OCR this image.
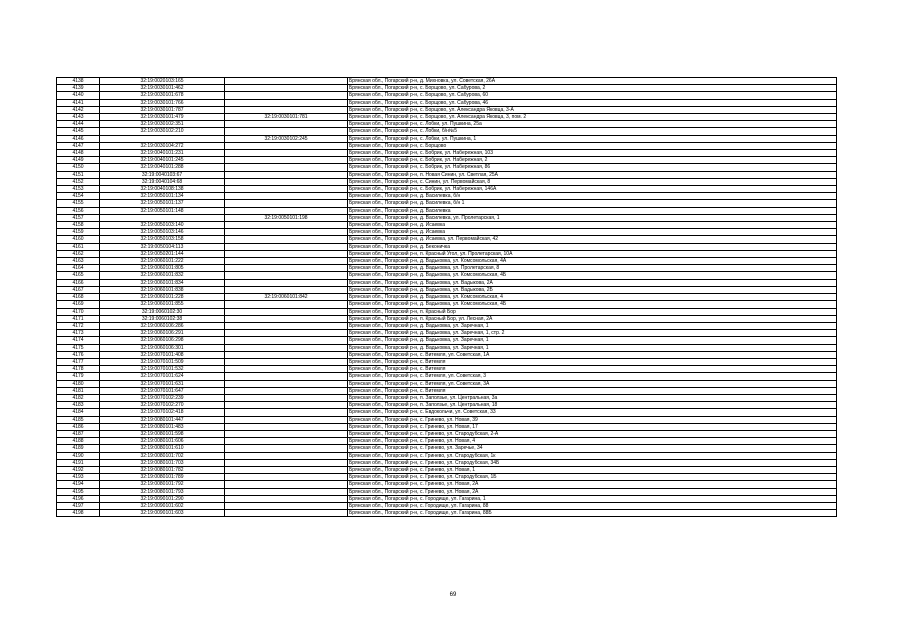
4138	32:19:0020103:165		Брянская обл., Погарский р-н, д. Михновка, ул. Советская, 26А
4139	32:19:0030101:462		Брянская обл., Погарский р-н, с. Борщово, ул. Сабурова, 2
4140	32:19:0030101:678		Брянская обл., Погарский р-н, с. Борщово, ул. Сабурова, 60
4141	32:19:0030101:766		Брянская обл., Погарский р-н, с. Борщово, ул. Сабурова, 46
4142	32:19:0030101:787		Брянская обл., Погарский р-н, с. Борщово, ул. Александра Яковца, 3-А
4143	32:19:0030101:479	32:19:0030101:781	Брянская обл., Погарский р-н, с. Борщово, ул. Александра Яковца, 3, пом. 2
4144	32:19:0030102:351		Брянская обл., Погарский р-н, с. Лобки, ул. Пушкина, 25а
4145	32:19:0030102:210		Брянская обл., Погарский р-н, с. Лобки, б/н№5
4146		32:19:0030102:245	Брянская обл., Погарский р-н, с. Лобки, ул. Пушкина, 1
4147	32:19:0030104:272		Брянская обл., Погарский р-н, с. Борщово
4148	32:19:0040101:231		Брянская обл., Погарский р-н, с. Бобрик, ул. Набережная, 103
4149	32:19:0040101:245		Брянская обл., Погарский р-н, с. Бобрик, ул. Набережная, 2
4150	32:19:0040101:288		Брянская обл., Погарский р-н, с. Бобрик, ул. Набережная, 86
4151	32:19:0040103:67		Брянская обл., Погарский р-н, п. Новая Синин, ул. Светлая, 25А
4152	32:19:0040104:68		Брянская обл., Погарский р-н, с. Синин, ул. Первомайская, 8
4153	32:19:0040108:138		Брянская обл., Погарский р-н, с. Бобрик, ул. Набережная, 146А
4154	32:19:0050101:134		Брянская обл., Погарский р-н, д. Василевка, б/н
4155	32:19:0050101:137		Брянская обл., Погарский р-н, д. Василевка, б/н 1
4156	32:19:0050101:148		Брянская обл., Погарский р-н, д. Василевка
4157		32:19:0050101:198	Брянская обл., Погарский р-н, д. Василевка, ул. Пролетарская, 1
4158	32:19:0050103:140		Брянская обл., Погарский р-н, д. Исаевка
4159	32:19:0050103:146		Брянская обл., Погарский р-н, д. Исаевка
4160	32:19:0050103:158		Брянская обл., Погарский р-н, д. Исаевка, ул. Первомайская, 42
4161	32:19:0050104:113		Брянская обл., Погарский р-н, д. Беконичка
4162	32:19:0050201:144		Брянская обл., Погарский р-н, п. Красный Угол, ул. Пролетарская, 10А
4163	32:19:0060101:222		Брянская обл., Погарский р-н, д. Вадьковка, ул. Комсомольская, 4А
4164	32:19:0060101:805		Брянская обл., Погарский р-н, д. Вадьковка, ул. Пролетарская, 8
4165	32:19:0060101:832		Брянская обл., Погарский р-н, д. Вадьковка, ул. Комсомольская, 4Б
4166	32:19:0060101:834		Брянская обл., Погарский р-н, д. Вадьковка, ул. Вадыкова, 2А
4167	32:19:0060101:838		Брянская обл., Погарский р-н, д. Вадьковка, ул. Вадыкова, 2Б
4168	32:19:0060101:228	32:19:0060101:842	Брянская обл., Погарский р-н, д. Вадьковка, ул. Комсомольская, 4
4169	32:19:0060101:855		Брянская обл., Погарский р-н, д. Вадьковка, ул. Комсомольская, 4Б
4170	32:19:0060102:30		Брянская обл., Погарский р-н, п. Красный Бор
4171	32:19:0060102:38		Брянская обл., Погарский р-н, п. Красный Бор, ул. Лесная, 2А
4172	32:19:0060106:286		Брянская обл., Погарский р-н, д. Вадьковка, ул. Заречная, 1
4173	32:19:0060106:291		Брянская обл., Погарский р-н, д. Вадьковка, ул. Заречная, 1, стр. 2
4174	32:19:0060106:298		Брянская обл., Погарский р-н, д. Вадьковка, ул. Заречная, 1
4175	32:19:0060106:301		Брянская обл., Погарский р-н, д. Вадьковка, ул. Заречная, 1
4176	32:19:0070101:408		Брянская обл., Погарский р-н, с. Витемля, ул. Советская, 1А
4177	32:19:0070101:509		Брянская обл., Погарский р-н, с. Витемля
4178	32:19:0070101:532		Брянская обл., Погарский р-н, с. Витемля
4179	32:19:0070101:624		Брянская обл., Погарский р-н, с. Витемля, ул. Советская, 3
4180	32:19:0070101:631		Брянская обл., Погарский р-н, с. Витемля, ул. Советская, 3А
4181	32:19:0070101:647		Брянская обл., Погарский р-н, с. Витемля
4182	32:19:0070102:239		Брянская обл., Погарский р-н, п. Заползье, ул. Центральная, 3а
4183	32:19:0070102:270		Брянская обл., Погарский р-н, п. Заползье, ул. Центральная, 18
4184	32:19:0070102:418		Брянская обл., Погарский р-н, с. Евдокольчи, ул. Советская, 33
4185	32:19:0080101:447		Брянская обл., Погарский р-н, с. Гринево, ул. Новая, 39
4186	32:19:0080101:483		Брянская обл., Погарский р-н, с. Гринево, ул. Новая, 17
4187	32:19:0080101:598		Брянская обл., Погарский р-н, с. Гринево, ул. Стародубская, 2-А
4188	32:19:0080101:606		Брянская обл., Погарский р-н, с. Гринево, ул. Новая, 4
4189	32:19:0080101:610		Брянская обл., Погарский р-н, с. Гринево, ул. Заречье, 34
4190	32:19:0080101:702		Брянская обл., Погарский р-н, с. Гринево, ул. Стародубская, 1к
4191	32:19:0080101:703		Брянская обл., Погарский р-н, с. Гринево, ул. Стародубская, 34Б
4192	32:19:0080101:782		Брянская обл., Погарский р-н, с. Гринево, ул. Новая, 1
4193	32:19:0080101:789		Брянская обл., Погарский р-н, с. Гринево, ул. Стародубская, 1Б
4194	32:19:0080101:792		Брянская обл., Погарский р-н, с. Гринево, ул. Новая, 2А
4195	32:19:0080101:793		Брянская обл., Погарский р-н, с. Гринево, ул. Новая, 2А
4196	32:19:0090101:290		Брянская обл., Погарский р-н, с. Городище, ул. Гагарина, 1
4197	32:19:0090101:602		Брянская обл., Погарский р-н, с. Городище, ул. Гагарина, 88
4198	32:19:0090101:603		Брянская обл., Погарский р-н, с. Городище, ул. Гагарина, 88Б
69
